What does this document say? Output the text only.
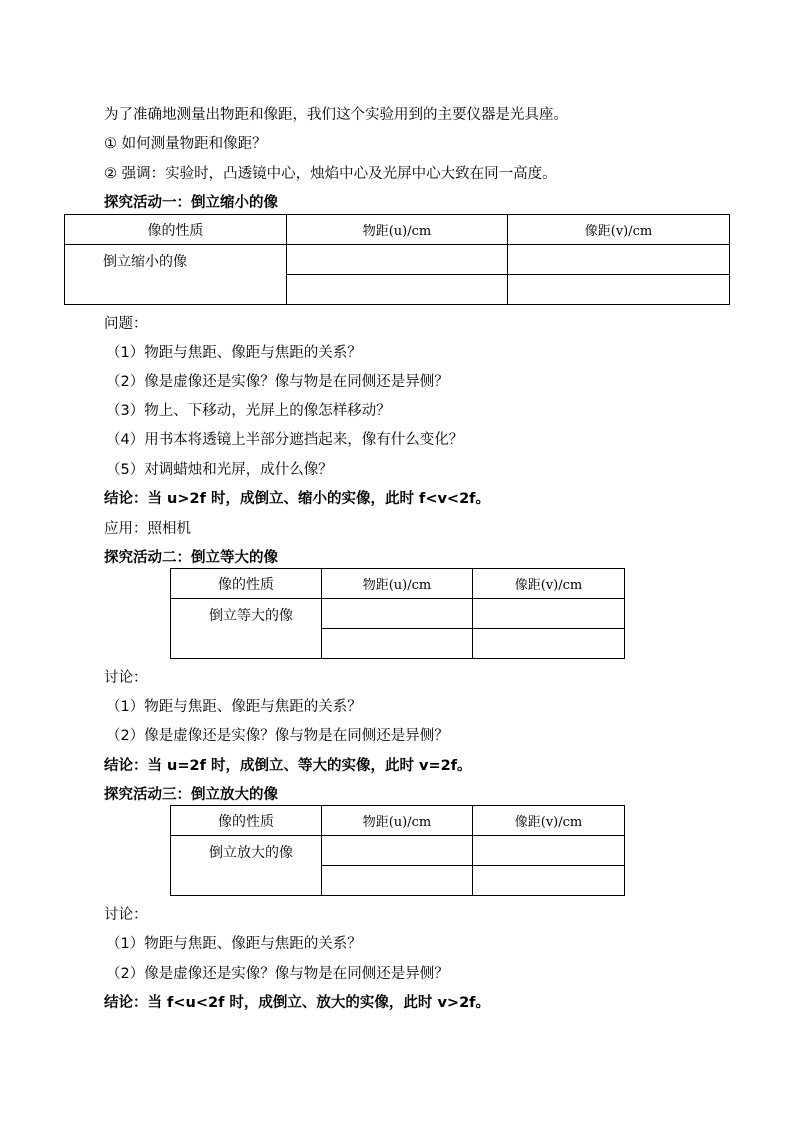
为了准确地测量出物距和像距，我们这个实验用到的主要仪器是光具座。
① 如何测量物距和像距？
② 强调：实验时，凸透镜中心，烛焰中心及光屏中心大致在同一高度。
探究活动一：倒立缩小的像
像的性质	物距(u)/cm	像距(v)/cm
倒立缩小的像		

问题：
（1）物距与焦距、像距与焦距的关系？
（2）像是虚像还是实像？像与物是在同侧还是异侧？
（3）物上、下移动，光屏上的像怎样移动？
（4）用书本将透镜上半部分遮挡起来，像有什么变化？
（5）对调蜡烛和光屏，成什么像？
结论：当 u>2f 时，成倒立、缩小的实像，此时 f<v<2f。
应用：照相机
探究活动二：倒立等大的像
像的性质	物距(u)/cm	像距(v)/cm
倒立等大的像		

讨论：
（1）物距与焦距、像距与焦距的关系？
（2）像是虚像还是实像？像与物是在同侧还是异侧？
结论：当 u=2f 时，成倒立、等大的实像，此时 v=2f。
探究活动三：倒立放大的像
像的性质	物距(u)/cm	像距(v)/cm
倒立放大的像		

讨论：
（1）物距与焦距、像距与焦距的关系？
（2）像是虚像还是实像？像与物是在同侧还是异侧？
结论：当 f<u<2f 时，成倒立、放大的实像，此时 v>2f。
